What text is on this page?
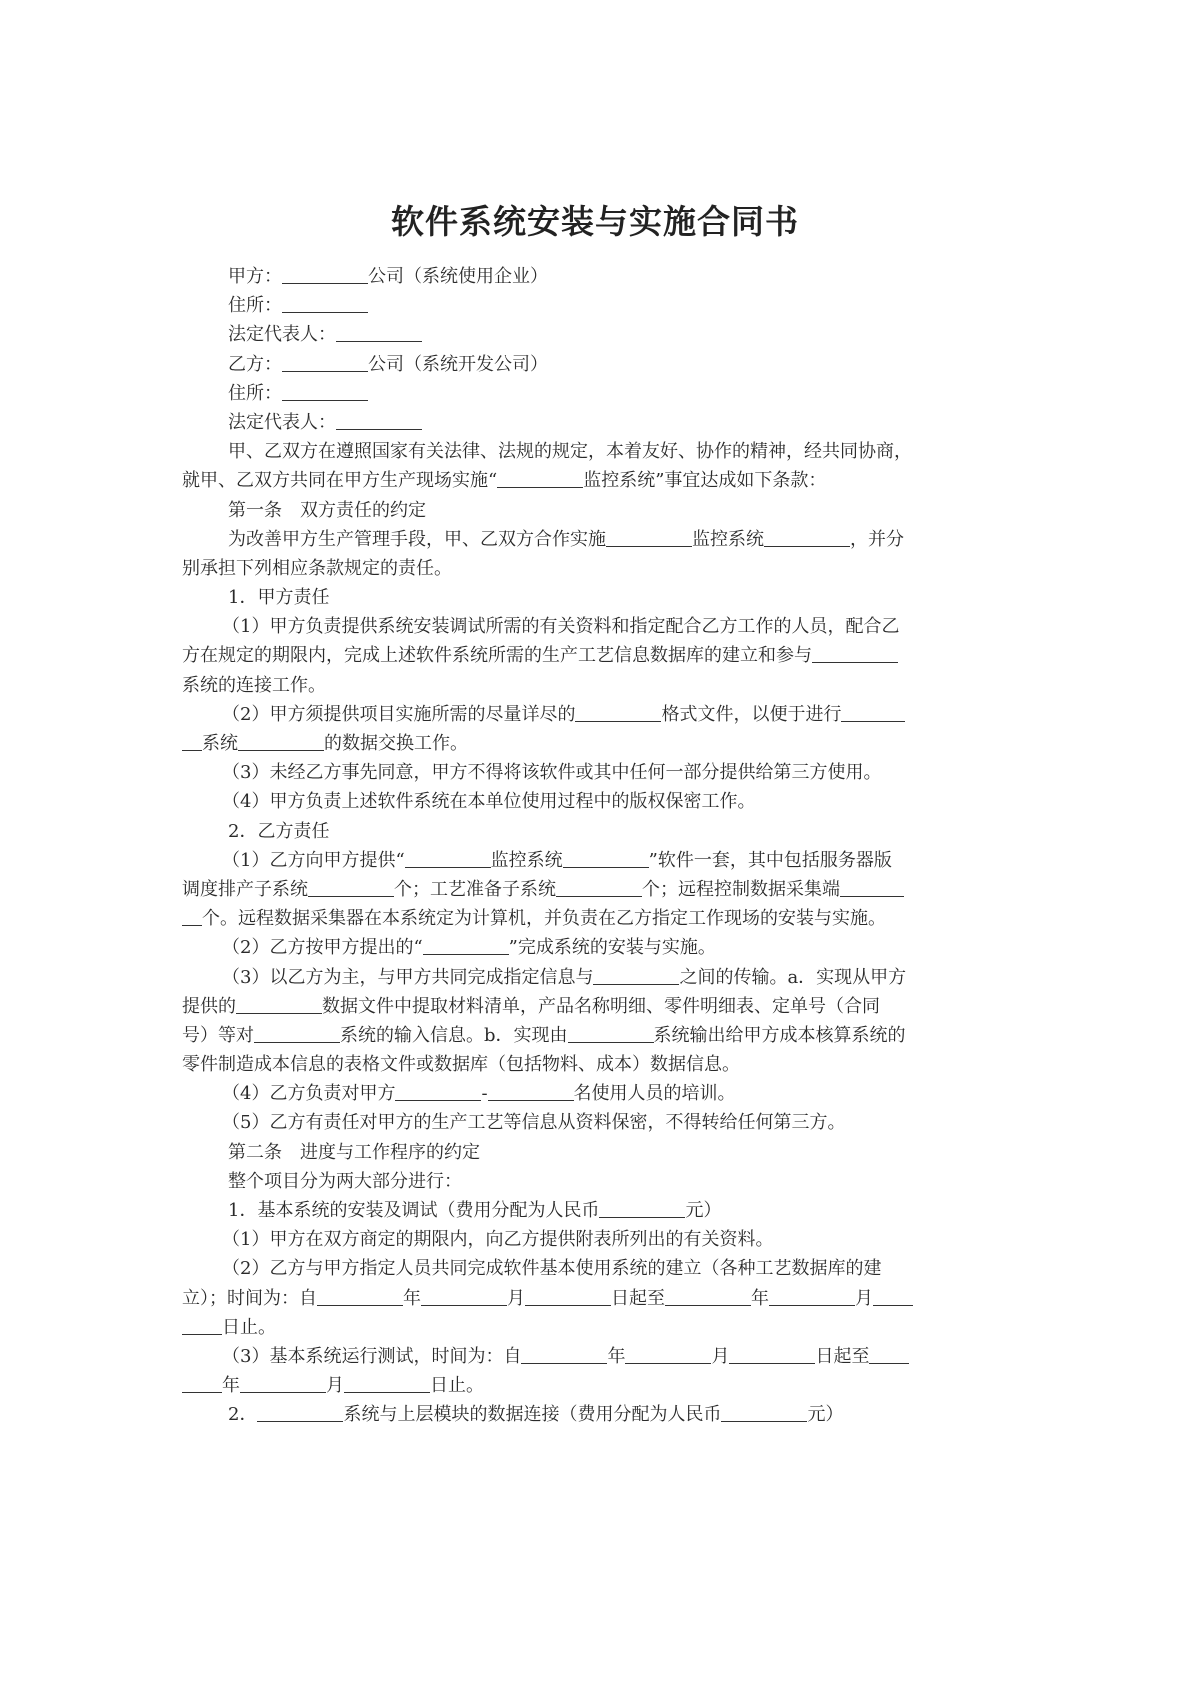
软件系统安装与实施合同书
甲方：	公司（系统使用企业）
住所：
法定代表人：
乙方：	公司（系统开发公司）
住所：
法定代表人：
甲、乙双方在遵照国家有关法律、法规的规定，本着友好、协作的精神，经共同协商，
就甲、乙双方共同在甲方生产现场实施“	监控系统”事宜达成如下条款：
第一条 双方责任的约定
为改善甲方生产管理手段，甲、乙双方合作实施	监控系统	，并分
别承担下列相应条款规定的责任。
1．甲方责任
（1）甲方负责提供系统安装调试所需的有关资料和指定配合乙方工作的人员，配合乙
方在规定的期限内，完成上述软件系统所需的生产工艺信息数据库的建立和参与
系统的连接工作。
（2）甲方须提供项目实施所需的尽量详尽的	格式文件，以便于进行
系统	的数据交换工作。
（3）未经乙方事先同意，甲方不得将该软件或其中任何一部分提供给第三方使用。
（4）甲方负责上述软件系统在本单位使用过程中的版权保密工作。
2．乙方责任
（1）乙方向甲方提供“	监控系统	”软件一套，其中包括服务器版
调度排产子系统	个；工艺准备子系统	个；远程控制数据采集端
个。远程数据采集器在本系统定为计算机，并负责在乙方指定工作现场的安装与实施。
（2）乙方按甲方提出的“	”完成系统的安装与实施。
（3）以乙方为主，与甲方共同完成指定信息与	之间的传输。a．实现从甲方
提供的	数据文件中提取材料清单，产品名称明细、零件明细表、定单号（合同
号）等对	系统的输入信息。b．实现由	系统输出给甲方成本核算系统的
零件制造成本信息的表格文件或数据库（包括物料、成本）数据信息。
（4）乙方负责对甲方	-	名使用人员的培训。
（5）乙方有责任对甲方的生产工艺等信息从资料保密，不得转给任何第三方。
第二条 进度与工作程序的约定
整个项目分为两大部分进行：
1．基本系统的安装及调试（费用分配为人民币	元）
（1）甲方在双方商定的期限内，向乙方提供附表所列出的有关资料。
（2）乙方与甲方指定人员共同完成软件基本使用系统的建立（各种工艺数据库的建
立）；时间为：自	年	月	日起至	年	月
日止。
（3）基本系统运行测试，时间为：自	年	月	日起至
年	月	日止。
2．	系统与上层模块的数据连接（费用分配为人民币	元）
